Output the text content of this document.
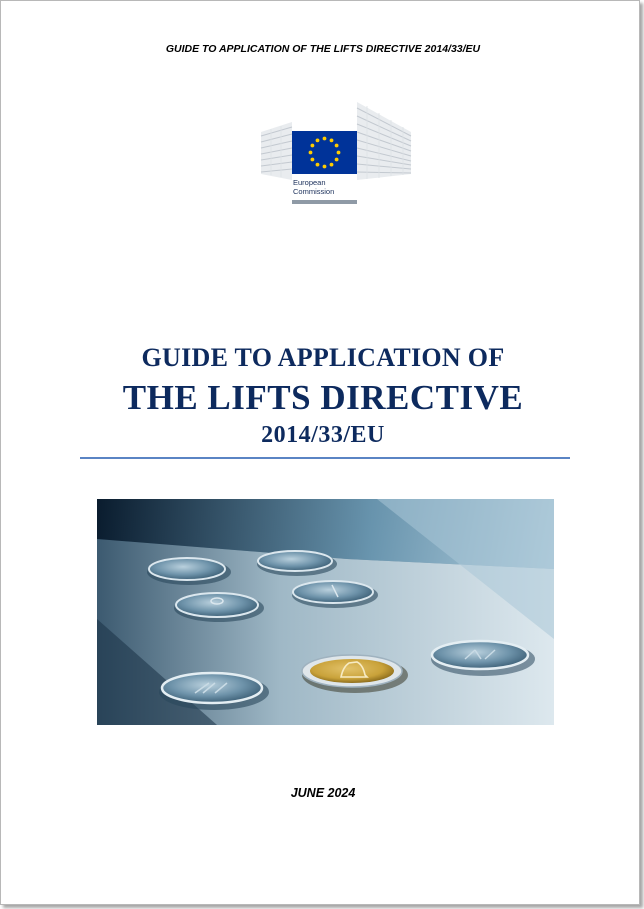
GUIDE TO APPLICATION OF THE LIFTS DIRECTIVE 2014/33/EU
European
Commission
GUIDE TO APPLICATION OF
THE LIFTS DIRECTIVE
2014/33/EU
JUNE 2024
